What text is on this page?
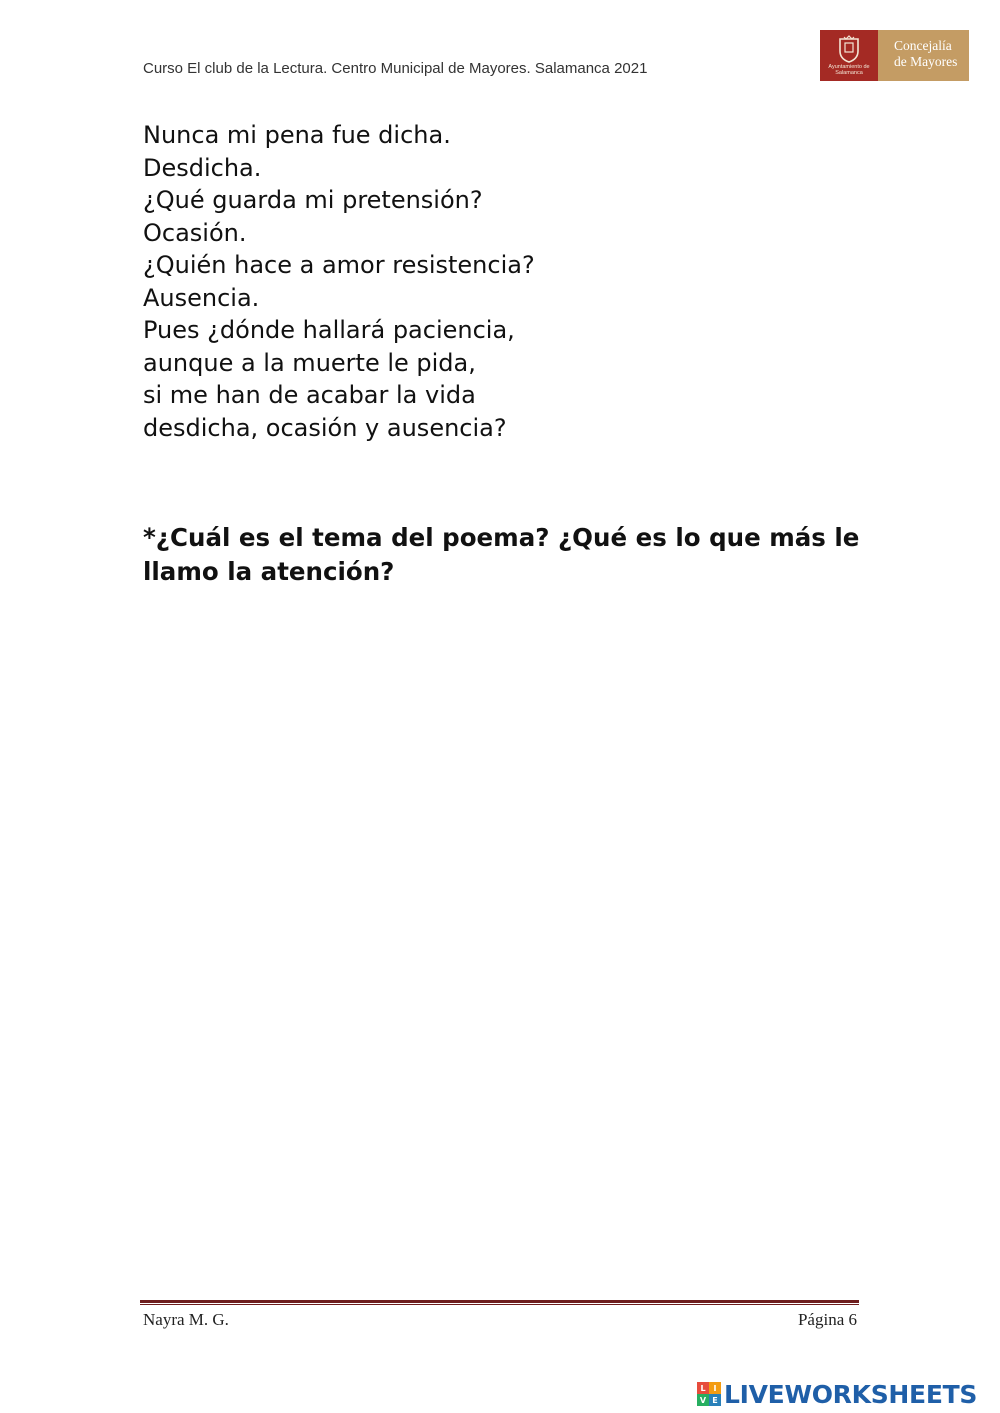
Curso El club de la Lectura. Centro Municipal de Mayores. Salamanca 2021	Ayuntamiento de Salamanca
Concejalía
de Mayores
Nunca mi pena fue dicha.
Desdicha.
¿Qué guarda mi pretensión?
Ocasión.
¿Quién hace a amor resistencia?
Ausencia.
Pues ¿dónde hallará paciencia,
aunque a la muerte le pida,
si me han de acabar la vida
desdicha, ocasión y ausencia?
*¿Cuál es el tema del poema? ¿Qué es lo que más le llamo la atención?
Nayra M. G.	Página 6
L I
V E LIVEWORKSHEETS
